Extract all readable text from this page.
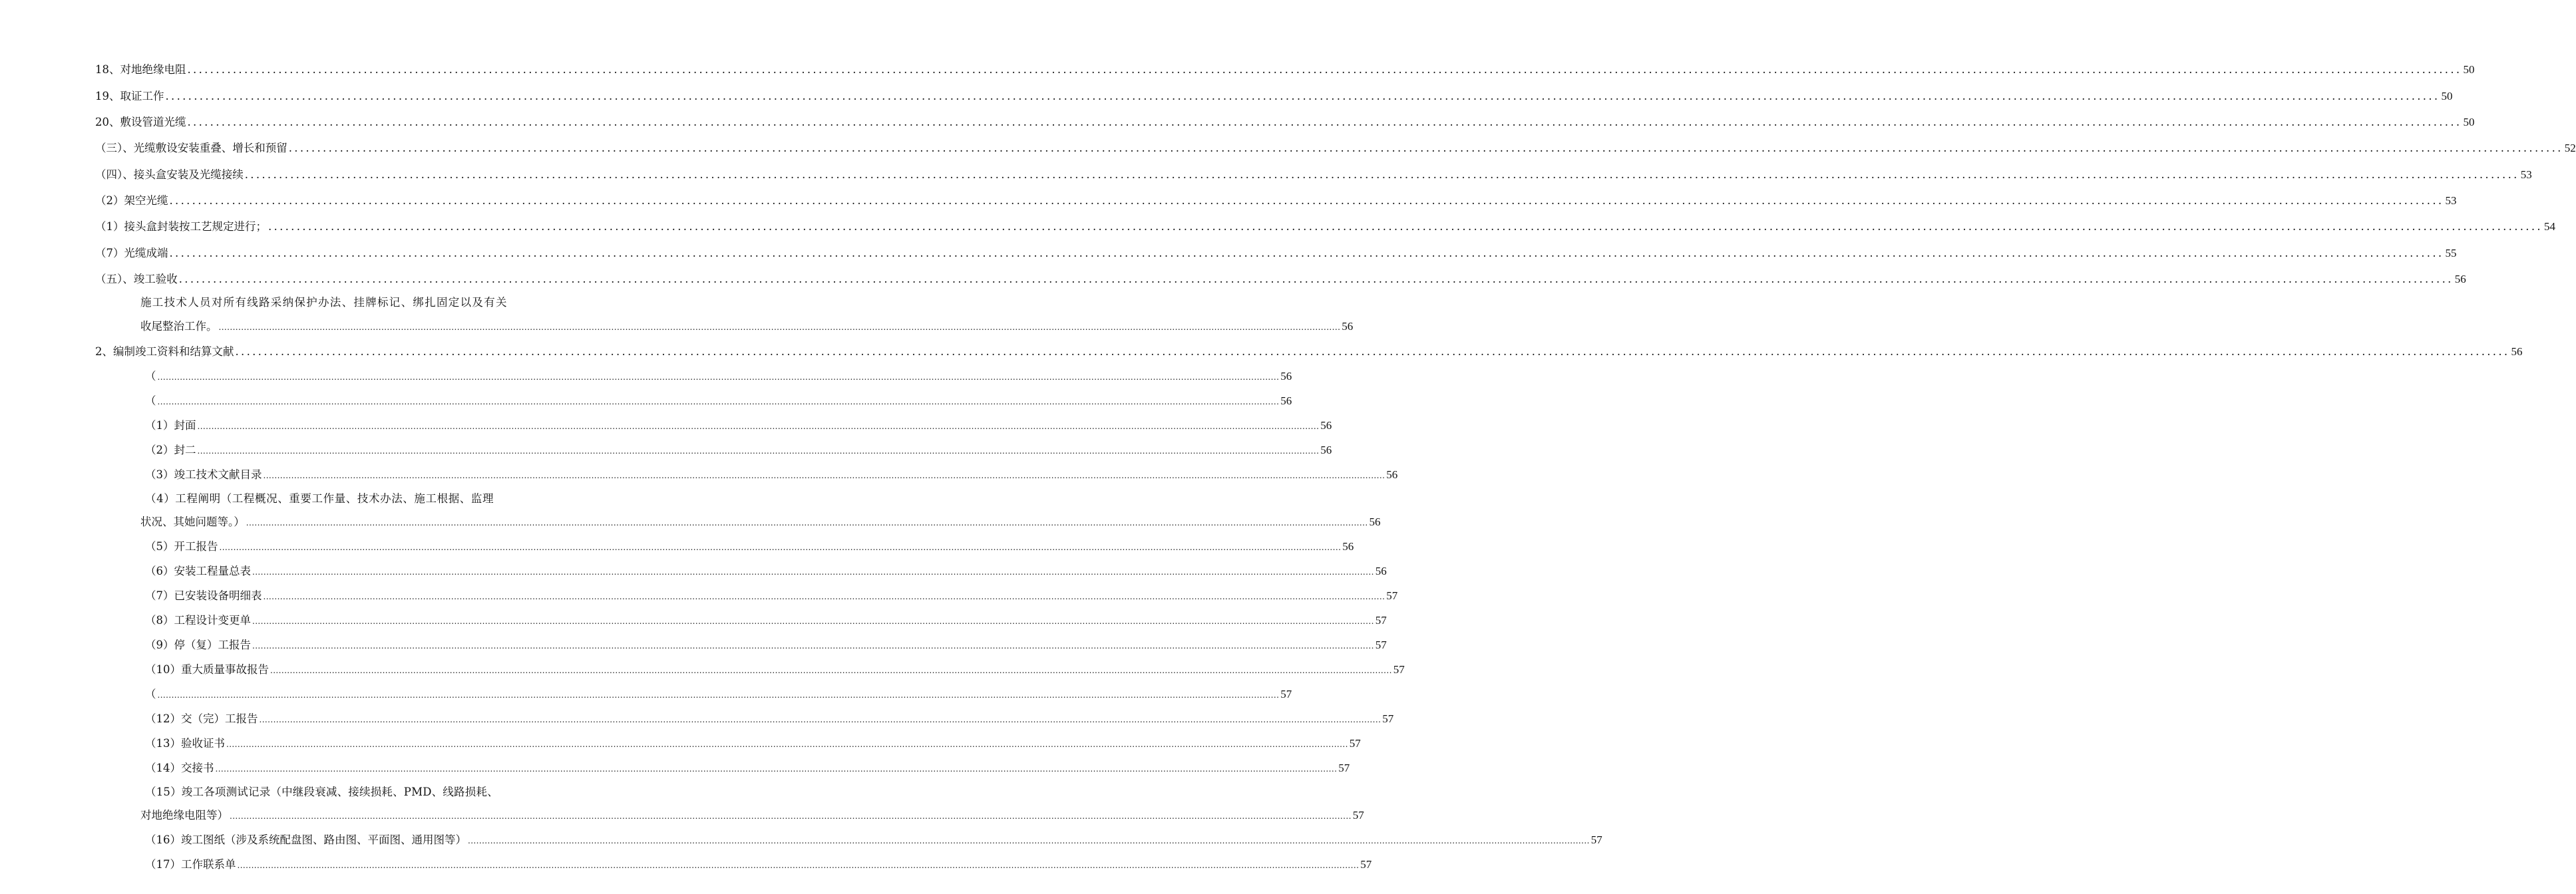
18、对地绝缘电阻 ................................................................................................................................................................................................................................................................................................................................................................................................................ 50
19、取证工作 ................................................................................................................................................................................................................................................................................................................................................................................................................ 50
20、敷设管道光缆 ................................................................................................................................................................................................................................................................................................................................................................................................................ 50
（三）、光缆敷设安装重叠、增长和预留 ................................................................................................................................................................................................................................................................................................................................................................................................................ 52
（四）、接头盒安装及光缆接续 ................................................................................................................................................................................................................................................................................................................................................................................................................ 53
（2）架空光缆 ................................................................................................................................................................................................................................................................................................................................................................................................................ 53
（1）接头盒封装按工艺规定进行； ................................................................................................................................................................................................................................................................................................................................................................................................................ 54
（7）光缆成端 ................................................................................................................................................................................................................................................................................................................................................................................................................ 55
（五）、竣工验收 ................................................................................................................................................................................................................................................................................................................................................................................................................ 56
施工技术人员对所有线路采纳保护办法、挂牌标记、绑扎固定以及有关
收尾整治工作。 ................................................................................................................................................................................................................................................................................................................................................................................................................ 56
2、编制竣工资料和结算文献 ................................................................................................................................................................................................................................................................................................................................................................................................................ 56
（ ................................................................................................................................................................................................................................................................................................................................................................................................................ 56
（ ................................................................................................................................................................................................................................................................................................................................................................................................................ 56
（1）封面 ................................................................................................................................................................................................................................................................................................................................................................................................................ 56
（2）封二 ................................................................................................................................................................................................................................................................................................................................................................................................................ 56
（3）竣工技术文献目录 ................................................................................................................................................................................................................................................................................................................................................................................................................ 56
（4）工程阐明（工程概况、重要工作量、技术办法、施工根据、监理
状况、其她问题等。） ................................................................................................................................................................................................................................................................................................................................................................................................................ 56
（5）开工报告 ................................................................................................................................................................................................................................................................................................................................................................................................................ 56
（6）安装工程量总表 ................................................................................................................................................................................................................................................................................................................................................................................................................ 56
（7）已安装设备明细表 ................................................................................................................................................................................................................................................................................................................................................................................................................ 57
（8）工程设计变更单 ................................................................................................................................................................................................................................................................................................................................................................................................................ 57
（9）停（复）工报告 ................................................................................................................................................................................................................................................................................................................................................................................................................ 57
（10）重大质量事故报告 ................................................................................................................................................................................................................................................................................................................................................................................................................ 57
（ ................................................................................................................................................................................................................................................................................................................................................................................................................ 57
（12）交（完）工报告 ................................................................................................................................................................................................................................................................................................................................................................................................................ 57
（13）验收证书 ................................................................................................................................................................................................................................................................................................................................................................................................................ 57
（14）交接书 ................................................................................................................................................................................................................................................................................................................................................................................................................ 57
（15）竣工各项测试记录（中继段衰减、接续损耗、PMD、线路损耗、
对地绝缘电阻等） ................................................................................................................................................................................................................................................................................................................................................................................................................ 57
（16）竣工图纸（涉及系统配盘图、路由图、平面图、通用图等） ................................................................................................................................................................................................................................................................................................................................................................................................................ 57
（17）工作联系单 ................................................................................................................................................................................................................................................................................................................................................................................................................ 57
